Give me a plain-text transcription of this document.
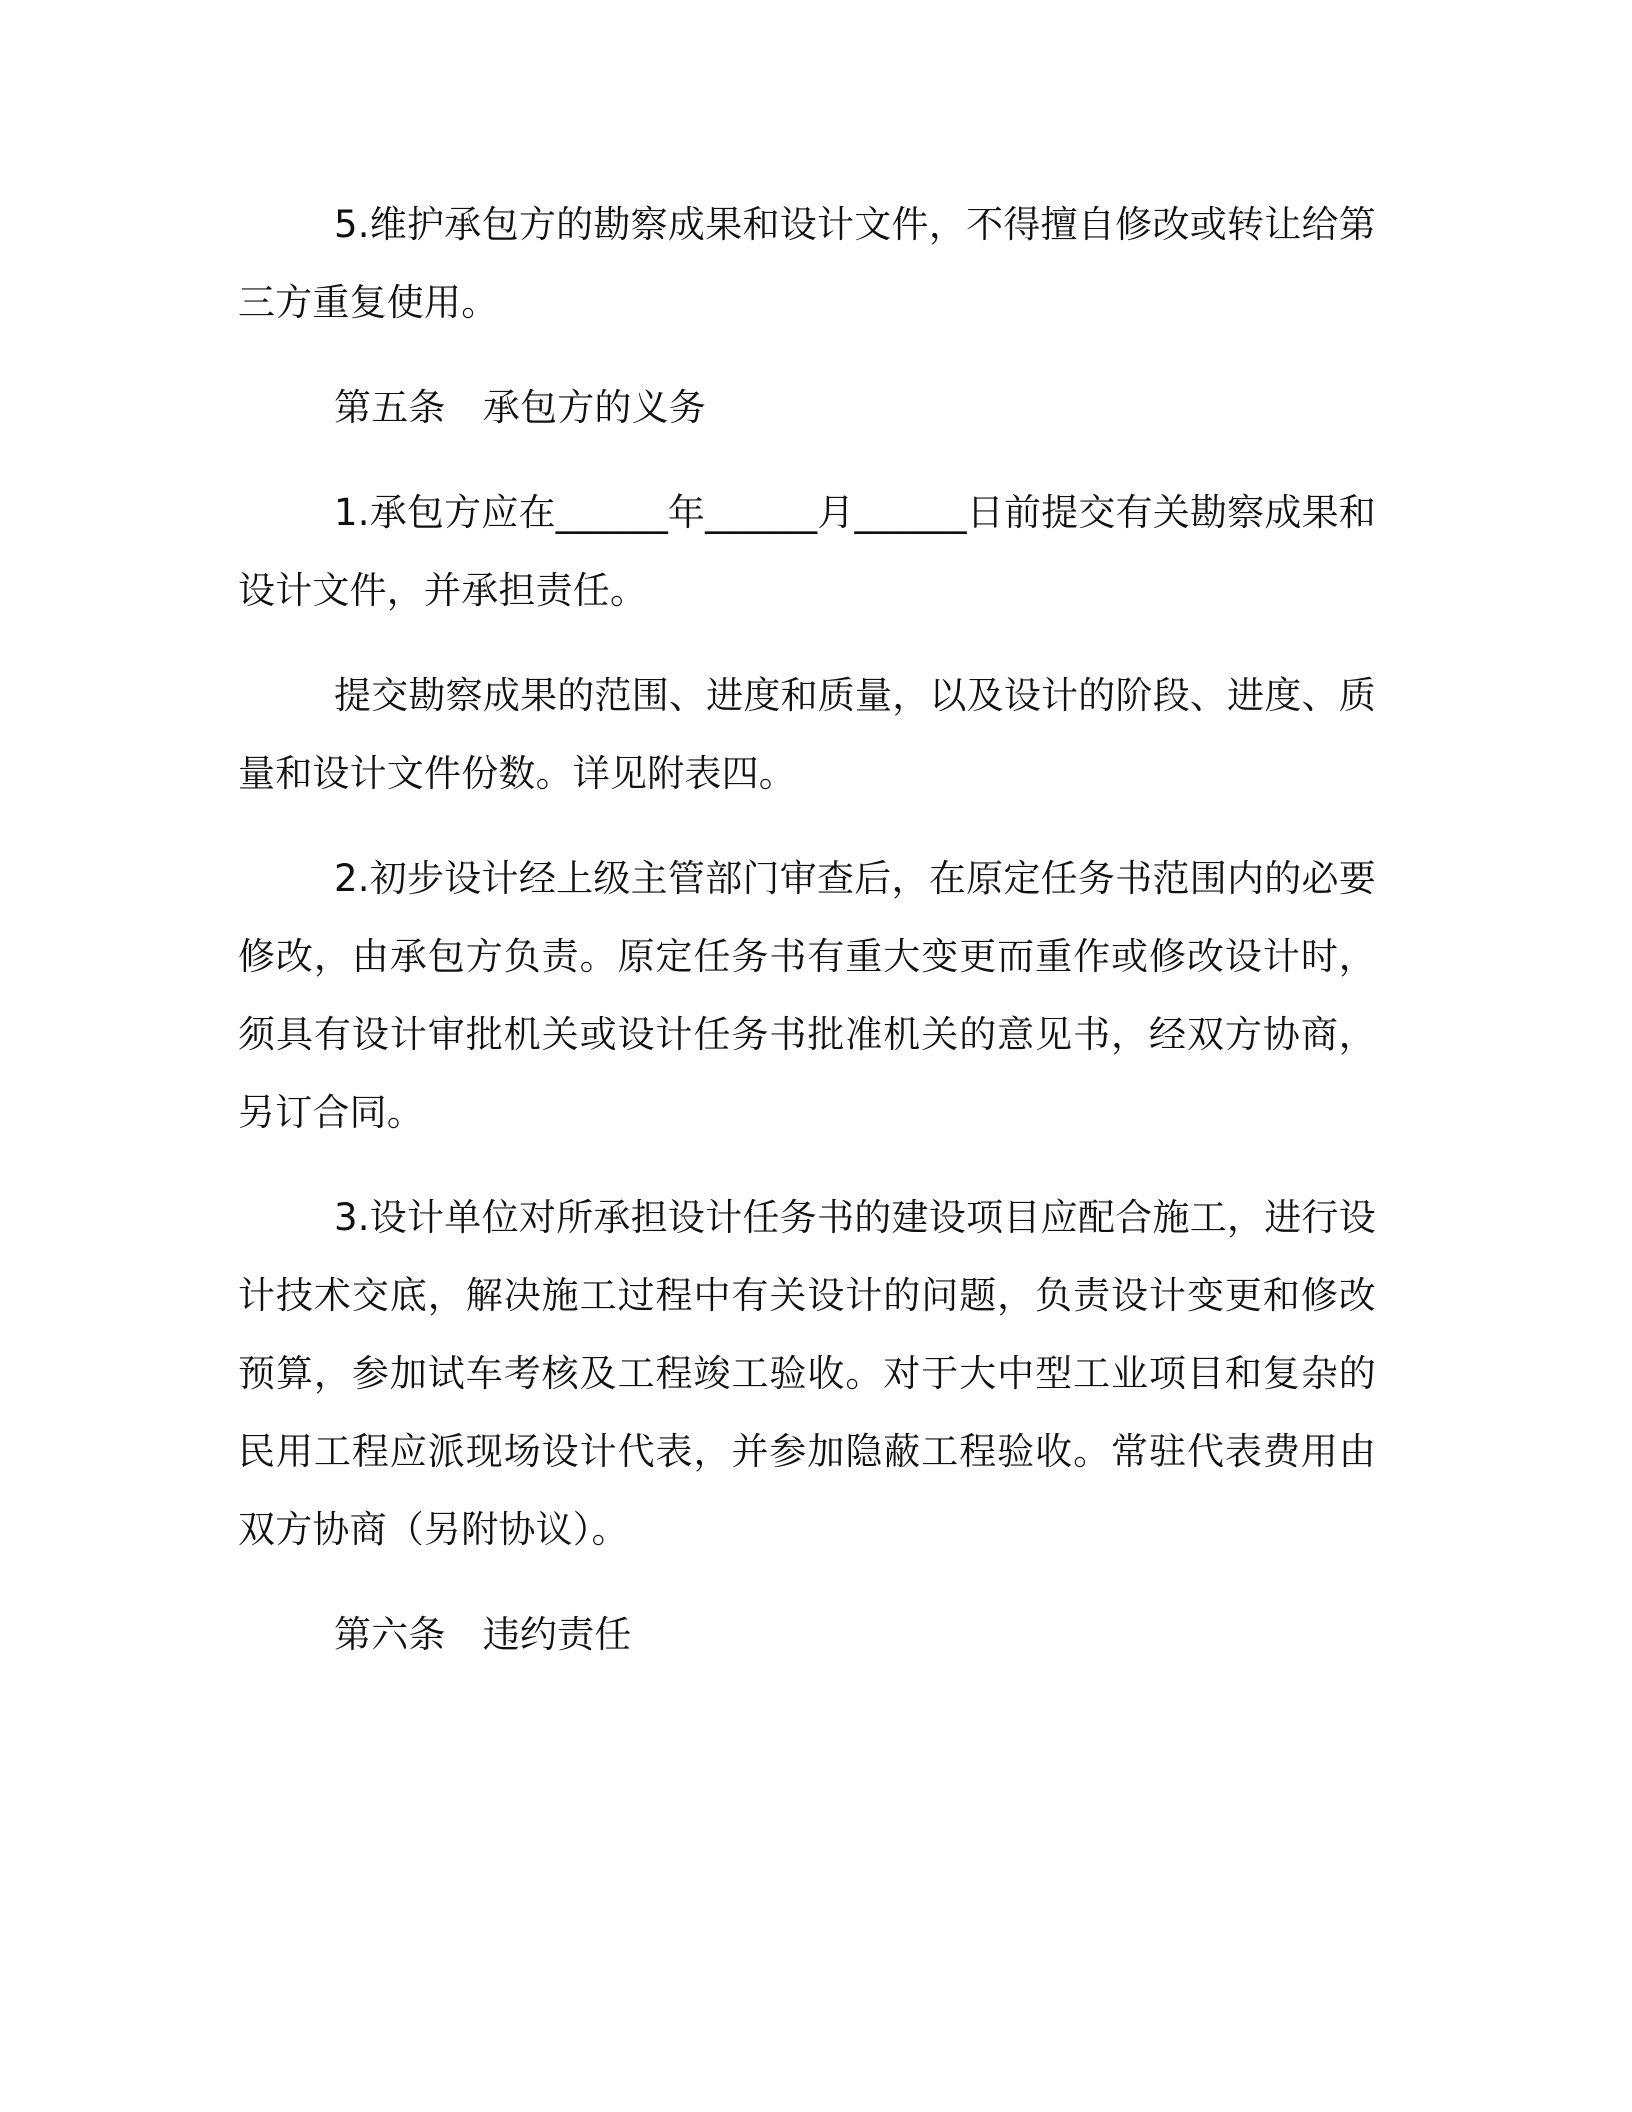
5.维护承包方的勘察成果和设计文件，不得擅自修改或转让给第三方重复使用。

第五条　承包方的义务

1.承包方应在______年______月______日前提交有关勘察成果和设计文件，并承担责任。

提交勘察成果的范围、进度和质量，以及设计的阶段、进度、质量和设计文件份数。详见附表四。

2.初步设计经上级主管部门审查后，在原定任务书范围内的必要修改，由承包方负责。原定任务书有重大变更而重作或修改设计时，须具有设计审批机关或设计任务书批准机关的意见书，经双方协商，另订合同。

3.设计单位对所承担设计任务书的建设项目应配合施工，进行设计技术交底，解决施工过程中有关设计的问题，负责设计变更和修改预算，参加试车考核及工程竣工验收。对于大中型工业项目和复杂的民用工程应派现场设计代表，并参加隐蔽工程验收。常驻代表费用由双方协商（另附协议）。

第六条　违约责任
